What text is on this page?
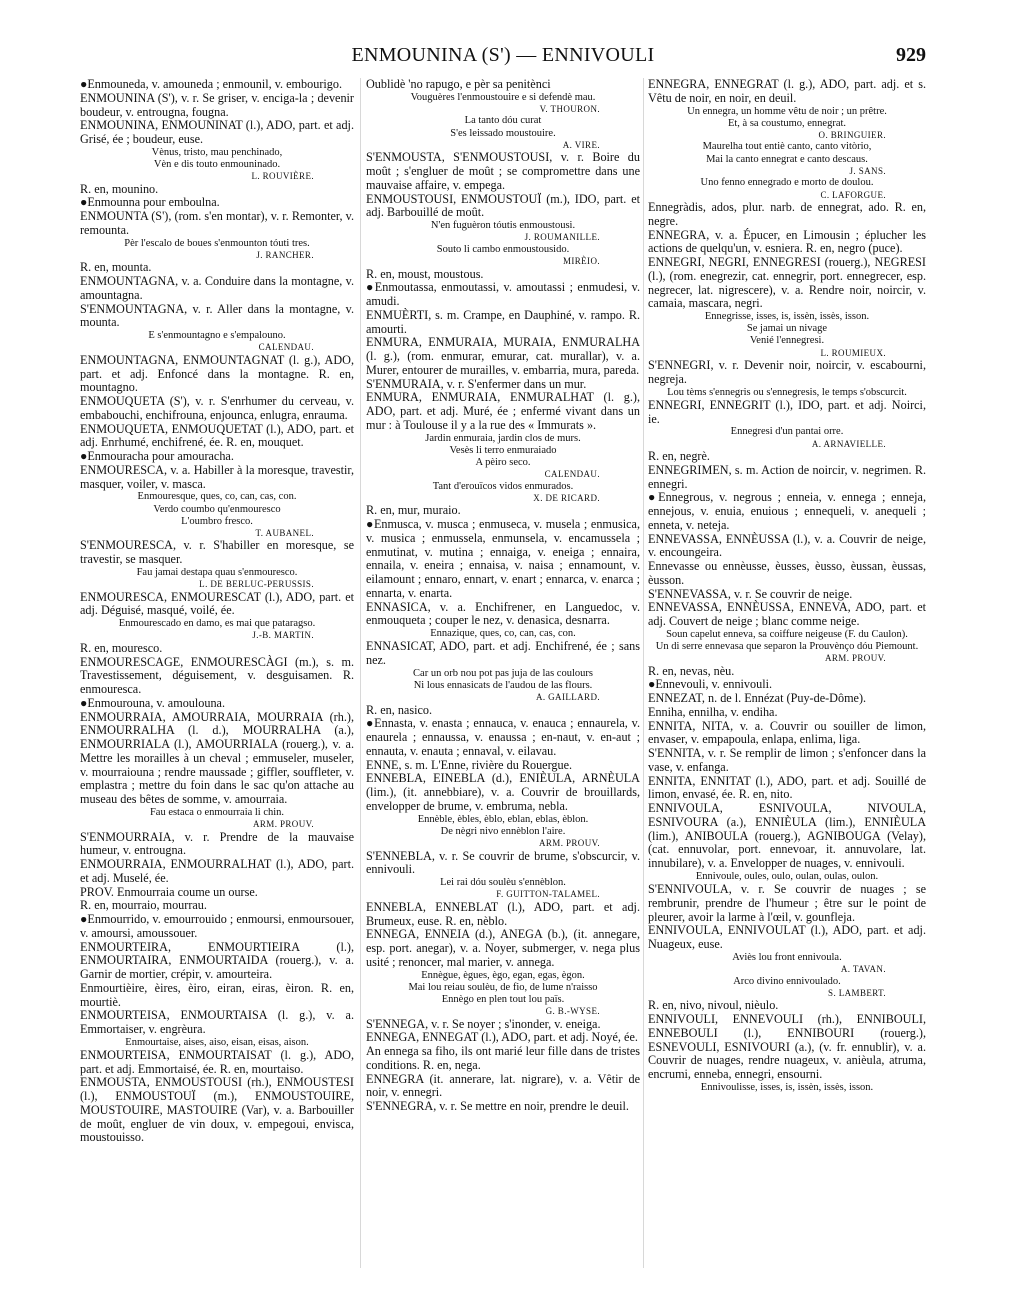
ENMOUNINA (S') — ENNIVOULI	929

●Enmouneda, v. amouneda ; enmounil, v. embourigo.

ENMOUNINA (S'), v. r. Se griser, v. enciga-la ; devenir boudeur, v. entrougna, fougna.

ENMOUNINA, ENMOUNINAT (l.), ADO, part. et adj. Grisé, ée ; boudeur, euse.

Vènus, tristo, mau penchinado,

Vèn e dis touto enmouninado.

L. ROUVIÈRE.

R. en, mounino.

●Enmounna pour emboulna.

ENMOUNTA (S'), (rom. s'en montar), v. r. Remonter, v. remounta.

Pèr l'escalo de boues s'enmounton tóuti tres.

J. RANCHER.

R. en, mounta.

ENMOUNTAGNA, v. a. Conduire dans la montagne, v. amountagna.

S'ENMOUNTAGNA, v. r. Aller dans la montagne, v. mounta.

E s'enmountagno e s'empalouno.

CALENDAU.

ENMOUNTAGNA, ENMOUNTAGNAT (l. g.), ADO, part. et adj. Enfoncé dans la montagne. R. en, mountagno.

ENMOUQUETA (S'), v. r. S'enrhumer du cerveau, v. embabouchi, enchifrouna, enjounca, enlugra, enrauma.

ENMOUQUETA, ENMOUQUETAT (l.), ADO, part. et adj. Enrhumé, enchifrené, ée. R. en, mouquet.

●Enmouracha pour amouracha.

ENMOURESCA, v. a. Habiller à la moresque, travestir, masquer, voiler, v. masca.

Enmouresque, ques, co, can, cas, con.

Verdo coumbo qu'enmouresco

L'oumbro fresco.

T. AUBANEL.

S'ENMOURESCA, v. r. S'habiller en moresque, se travestir, se masquer.

Fau jamai destapa quau s'enmouresco.

L. DE BERLUC-PERUSSIS.

ENMOURESCA, ENMOURESCAT (l.), ADO, part. et adj. Déguisé, masqué, voilé, ée.

Enmourescado en damo, es mai que pataragso.

J.-B. MARTIN.

R. en, mouresco.

ENMOURESCAGE, ENMOURESCÀGI (m.), s. m. Travestissement, déguisement, v. desguisamen. R. enmouresca.

●Enmourouna, v. amoulouna.

ENMOURRAIA, AMOURRAIA, MOURRAIA (rh.), ENMOURRALHA (l. d.), MOURRALHA (a.), ENMOURRIALA (l.), AMOURRIALA (rouerg.), v. a. Mettre les morailles à un cheval ; emmuseler, museler, v. mourraiouna ; rendre maussade ; giffler, souffleter, v. emplastra ; mettre du foin dans le sac qu'on attache au museau des bêtes de somme, v. amourraia.

Fau estaca o enmourraia li chin.

ARM. PROUV.

S'ENMOURRAIA, v. r. Prendre de la mauvaise humeur, v. entrougna.

ENMOURRAIA, ENMOURRALHAT (l.), ADO, part. et adj. Muselé, ée.

PROV. Enmourraia coume un ourse.

R. en, mourraio, mourrau.

●Enmourrido, v. emourrouido ; enmoursi, enmoursouer, v. amoursi, amoussouer.

ENMOURTEIRA, ENMOURTIEIRA (l.), ENMOURTAIRA, ENMOURTAIDA (rouerg.), v. a. Garnir de mortier, crépir, v. amourteira.

Enmourtièire, èires, èiro, eiran, eiras, èiron. R. en, mourtiè.

ENMOURTEISA, ENMOURTAISA (l. g.), v. a. Emmortaiser, v. engrèura.

Enmourtaise, aises, aiso, eisan, eisas, aison.

ENMOURTEISA, ENMOURTAISAT (l. g.), ADO, part. et adj. Emmortaisé, ée. R. en, mourtaiso.

ENMOUSTA, ENMOUSTOUSI (rh.), ENMOUSTESI (l.), ENMOUSTOUÏ (m.), ENMOUSTOUIRE, MOUSTOUIRE, MASTOUIRE (Var), v. a. Barbouiller de moût, engluer de vin doux, v. empegoui, envisca, moustouisso.

Oublidè 'no rapugo, e pèr sa penitènci

Vouguères l'enmoustouire e si defendè mau.

V. THOURON.

La tanto dóu curat

S'es leissado moustouire.

A. VIRE.

S'ENMOUSTA, S'ENMOUSTOUSI, v. r. Boire du moût ; s'engluer de moût ; se compromettre dans une mauvaise affaire, v. empega.

ENMOUSTOUSI, ENMOUSTOUÏ (m.), IDO, part. et adj. Barbouillé de moût.

N'en fuguèron tóutis enmoustousi.

J. ROUMANILLE.

Souto li cambo enmoustousido.

MIRÈIO.

R. en, moust, moustous.

●Enmoutassa, enmoutassi, v. amoutassi ; enmudesi, v. amudi.

ENMUÈRTI, s. m. Crampe, en Dauphiné, v. rampo. R. amourti.

ENMURA, ENMURAIA, MURAIA, ENMURALHA (l. g.), (rom. enmurar, emurar, cat. murallar), v. a. Murer, entourer de murailles, v. embarria, mura, pareda.

S'ENMURAIA, v. r. S'enfermer dans un mur.

ENMURA, ENMURAIA, ENMURALHAT (l. g.), ADO, part. et adj. Muré, ée ; enfermé vivant dans un mur : à Toulouse il y a la rue des « Immurats ».

Jardin enmuraia, jardin clos de murs.

Vesès li terro enmuraiado

A pèiro seco.

CALENDAU.

Tant d'erouïcos vidos enmurados.

X. DE RICARD.

R. en, mur, muraio.

●Enmusca, v. musca ; enmuseca, v. musela ; enmusica, v. musica ; enmussela, enmunsela, v. encamussela ; enmutinat, v. mutina ; ennaiga, v. eneiga ; ennaira, ennaila, v. eneira ; ennaisa, v. naisa ; ennamount, v. eilamount ; ennaro, ennart, v. enart ; ennarca, v. enarca ; ennarta, v. enarta.

ENNASICA, v. a. Enchifrener, en Languedoc, v. enmouqueta ; couper le nez, v. denasica, desnarra.

Ennazique, ques, co, can, cas, con.

ENNASICAT, ADO, part. et adj. Enchifrené, ée ; sans nez.

Car un orb nou pot pas juja de las coulours

Ni lous ennasicats de l'audou de las flours.

A. GAILLARD.

R. en, nasico.

●Ennasta, v. enasta ; ennauca, v. enauca ; ennaurela, v. enaurela ; ennaussa, v. enaussa ; en-naut, v. en-aut ; ennauta, v. enauta ; ennaval, v. eilavau.

ENNE, s. m. L'Enne, rivière du Rouergue.

ENNEBLA, EINEBLA (d.), ENIÈULA, ARNÈULA (lim.), (it. annebbiare), v. a. Couvrir de brouillards, envelopper de brume, v. embruma, nebla.

Ennèble, èbles, èblo, eblan, eblas, èblon.

De nègri nivo ennèblon l'aire.

ARM. PROUV.

S'ENNEBLA, v. r. Se couvrir de brume, s'obscurcir, v. ennivouli.

Lei rai dóu soulèu s'ennèblon.

F. GUITTON-TALAMEL.

ENNEBLA, ENNEBLAT (l.), ADO, part. et adj. Brumeux, euse. R. en, nèblo.

ENNEGA, ENNEIA (d.), ANEGA (b.), (it. annegare, esp. port. anegar), v. a. Noyer, submerger, v. nega plus usité ; renoncer, mal marier, v. annega.

Ennègue, ègues, ègo, egan, egas, ègon.

Mai lou reiau soulèu, de fio, de lume n'raisso

Ennègo en plen tout lou païs.

G. B.-WYSE.

S'ENNEGA, v. r. Se noyer ; s'inonder, v. eneiga.

ENNEGA, ENNEGAT (l.), ADO, part. et adj. Noyé, ée.

An ennega sa fiho, ils ont marié leur fille dans de tristes conditions. R. en, nega.

ENNEGRA (it. annerare, lat. nigrare), v. a. Vêtir de noir, v. ennegri.

S'ENNEGRA, v. r. Se mettre en noir, prendre le deuil.

ENNEGRA, ENNEGRAT (l. g.), ADO, part. adj. et s. Vêtu de noir, en noir, en deuil.

Un ennegra, un homme vêtu de noir ; un prêtre.

Et, à sa coustumo, ennegrat.

O. BRINGUIER.

Maurelha tout entiè canto, canto vitòrio,

Mai la canto ennegrat e canto descaus.

J. SANS.

Uno fenno ennegrado e morto de doulou.

C. LAFORGUE.

Ennegràdis, ados, plur. narb. de ennegrat, ado. R. en, negre.

ENNEGRA, v. a. Épucer, en Limousin ; éplucher les actions de quelqu'un, v. esniera. R. en, negro (puce).

ENNEGRI, NEGRI, ENNEGRESI (rouerg.), NEGRESI (l.), (rom. enegrezir, cat. ennegrir, port. ennegrecer, esp. negrecer, lat. nigrescere), v. a. Rendre noir, noircir, v. camaia, mascara, negri.

Ennegrisse, isses, is, issèn, issès, isson.

Se jamai un nivage

Venié l'ennegresi.

L. ROUMIEUX.

S'ENNEGRI, v. r. Devenir noir, noircir, v. escabourni, negreja.

Lou tèms s'ennegris ou s'ennegresis, le temps s'obscurcit.

ENNEGRI, ENNEGRIT (l.), IDO, part. et adj. Noirci, ie.

Ennegresi d'un pantai orre.

A. ARNAVIELLE.

R. en, negrè.

ENNEGRIMEN, s. m. Action de noircir, v. negrimen. R. ennegri.

●Ennegrous, v. negrous ; enneia, v. ennega ; enneja, ennejous, v. enuia, enuious ; ennequeli, v. anequeli ; enneta, v. neteja.

ENNEVASSA, ENNÈUSSA (l.), v. a. Couvrir de neige, v. encoungeira.

Ennevasse ou ennèusse, èusses, èusso, èussan, èussas, èusson.

S'ENNEVASSA, v. r. Se couvrir de neige.

ENNEVASSA, ENNÈUSSA, ENNEVA, ADO, part. et adj. Couvert de neige ; blanc comme neige.

Soun capelut enneva, sa coiffure neigeuse (F. du Caulon).

Un di serre ennevasa que separon la Prouvènço dóu Piemount.

ARM. PROUV.

R. en, nevas, nèu.

●Ennevouli, v. ennivouli.

ENNEZAT, n. de l. Ennézat (Puy-de-Dôme).

Enniha, ennilha, v. endiha.

ENNITA, NITA, v. a. Couvrir ou souiller de limon, envaser, v. empapoula, enlapa, enlima, liga.

S'ENNITA, v. r. Se remplir de limon ; s'enfoncer dans la vase, v. enfanga.

ENNITA, ENNITAT (l.), ADO, part. et adj. Souillé de limon, envasé, ée. R. en, nito.

ENNIVOULA, ESNIVOULA, NIVOULA, ESNIVOURA (a.), ENNIÈULA (lim.), ENNIÈULA (lim.), ANIBOULA (rouerg.), AGNIBOUGA (Velay), (cat. ennuvolar, port. ennevoar, it. annuvolare, lat. innubilare), v. a. Envelopper de nuages, v. ennivouli.

Ennivoule, oules, oulo, oulan, oulas, oulon.

S'ENNIVOULA, v. r. Se couvrir de nuages ; se rembrunir, prendre de l'humeur ; être sur le point de pleurer, avoir la larme à l'œil, v. gounfleja.

ENNIVOULA, ENNIVOULAT (l.), ADO, part. et adj. Nuageux, euse.

Aviès lou front ennivoula.

A. TAVAN.

Arco divino ennivoulado.

S. LAMBERT.

R. en, nivo, nivoul, nièulo.

ENNIVOULI, ENNEVOULI (rh.), ENNIBOULI, ENNEBOULI (l.), ENNIBOURI (rouerg.), ESNEVOULI, ESNIVOURI (a.), (v. fr. ennublir), v. a. Couvrir de nuages, rendre nuageux, v. anièula, atruma, encrumi, enneba, ennegri, ensourni.

Ennivoulisse, isses, is, issèn, issès, isson.
